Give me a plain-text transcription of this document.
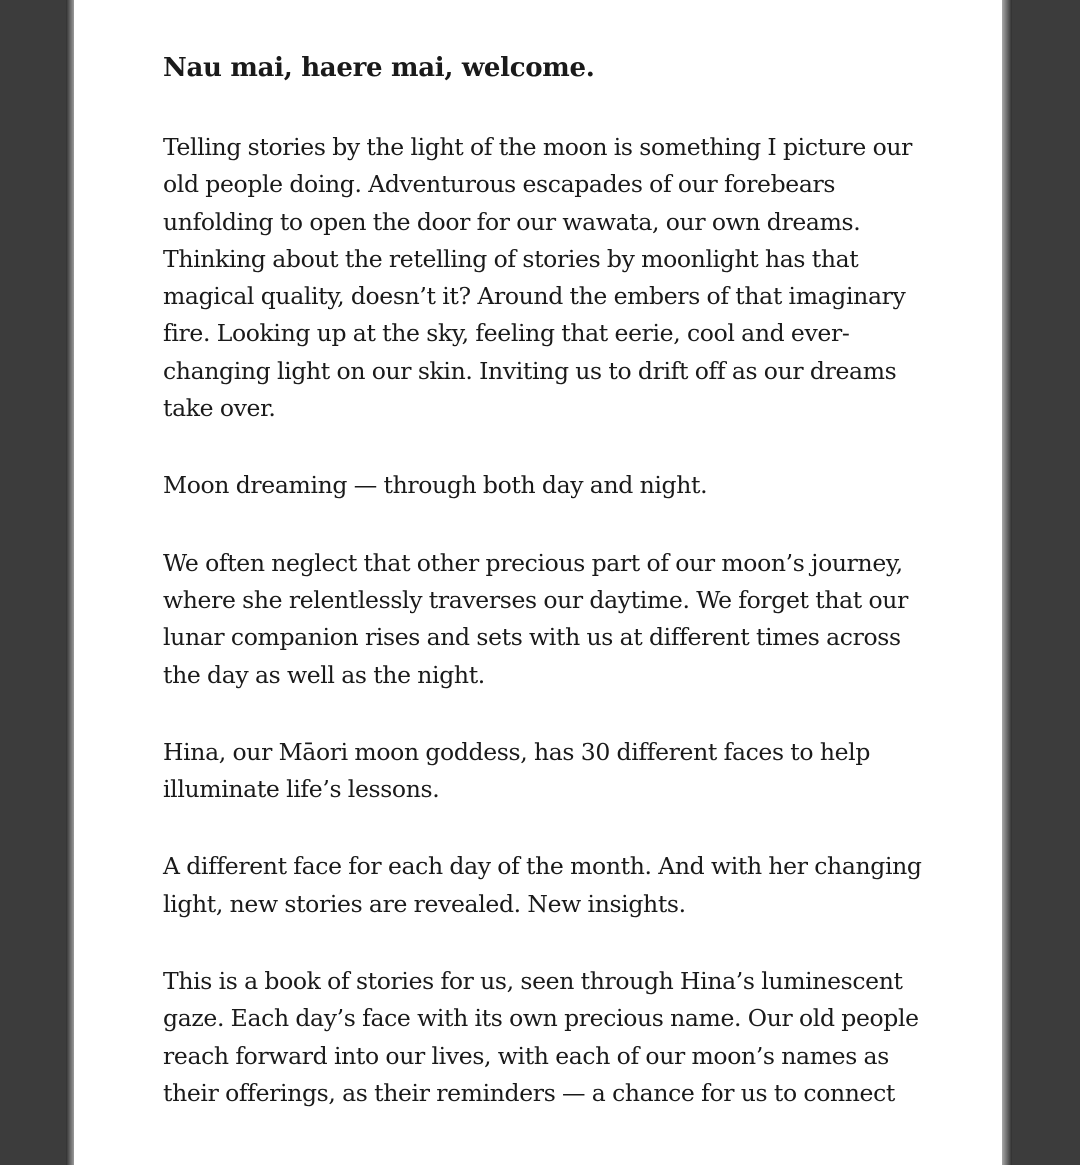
Nau mai, haere mai, welcome.

Telling stories by the light of the moon is something I picture our old people doing. Adventurous escapades of our forebears unfolding to open the door for our wawata, our own dreams. Thinking about the retelling of stories by moonlight has that magical quality, doesn’t it? Around the embers of that imaginary fire. Looking up at the sky, feeling that eerie, cool and ever-changing light on our skin. Inviting us to drift off as our dreams take over.

Moon dreaming — through both day and night.

We often neglect that other precious part of our moon’s journey, where she relentlessly traverses our daytime. We forget that our lunar companion rises and sets with us at different times across the day as well as the night.

Hina, our Māori moon goddess, has 30 different faces to help illuminate life’s lessons.

A different face for each day of the month. And with her changing light, new stories are revealed. New insights.

This is a book of stories for us, seen through Hina’s luminescent gaze. Each day’s face with its own precious name. Our old people reach forward into our lives, with each of our moon’s names as their offerings, as their reminders — a chance for us to connect
